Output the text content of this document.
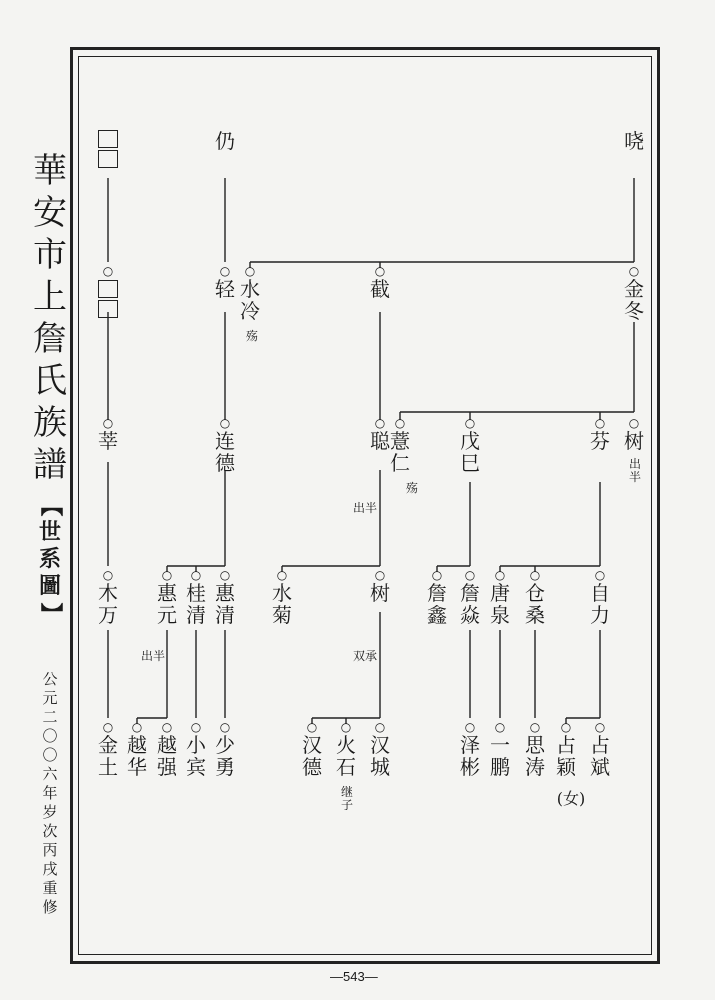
華
安
市
上
詹
氏
族
譜
【
世
系
圖
】
公
元
二
〇
〇
六
年
岁
次
丙
戌
重
修
—543—
哓
仍
○
金
冬
○
截
○
水
冷
殇
○
轻
○
○
树
出
半
○
芬
○
戊
巳
○
薏
仁
殇
○
聪
出半
○
连
德
○
莘
○
自
力
○
仓
桑
○
唐
泉
○
詹
焱
○
詹
鑫
○
树
双承
○
水
菊
○
惠
清
○
桂
清
○
惠
元
出半
○
木
万
○
占
斌
○
占
颖
(女)
○
思
涛
○
一
鹏
○
泽
彬
○
汉
城
○
火
石
继子
○
汉
德
○
少
勇
○
小
宾
○
越
强
○
越
华
○
金
土
